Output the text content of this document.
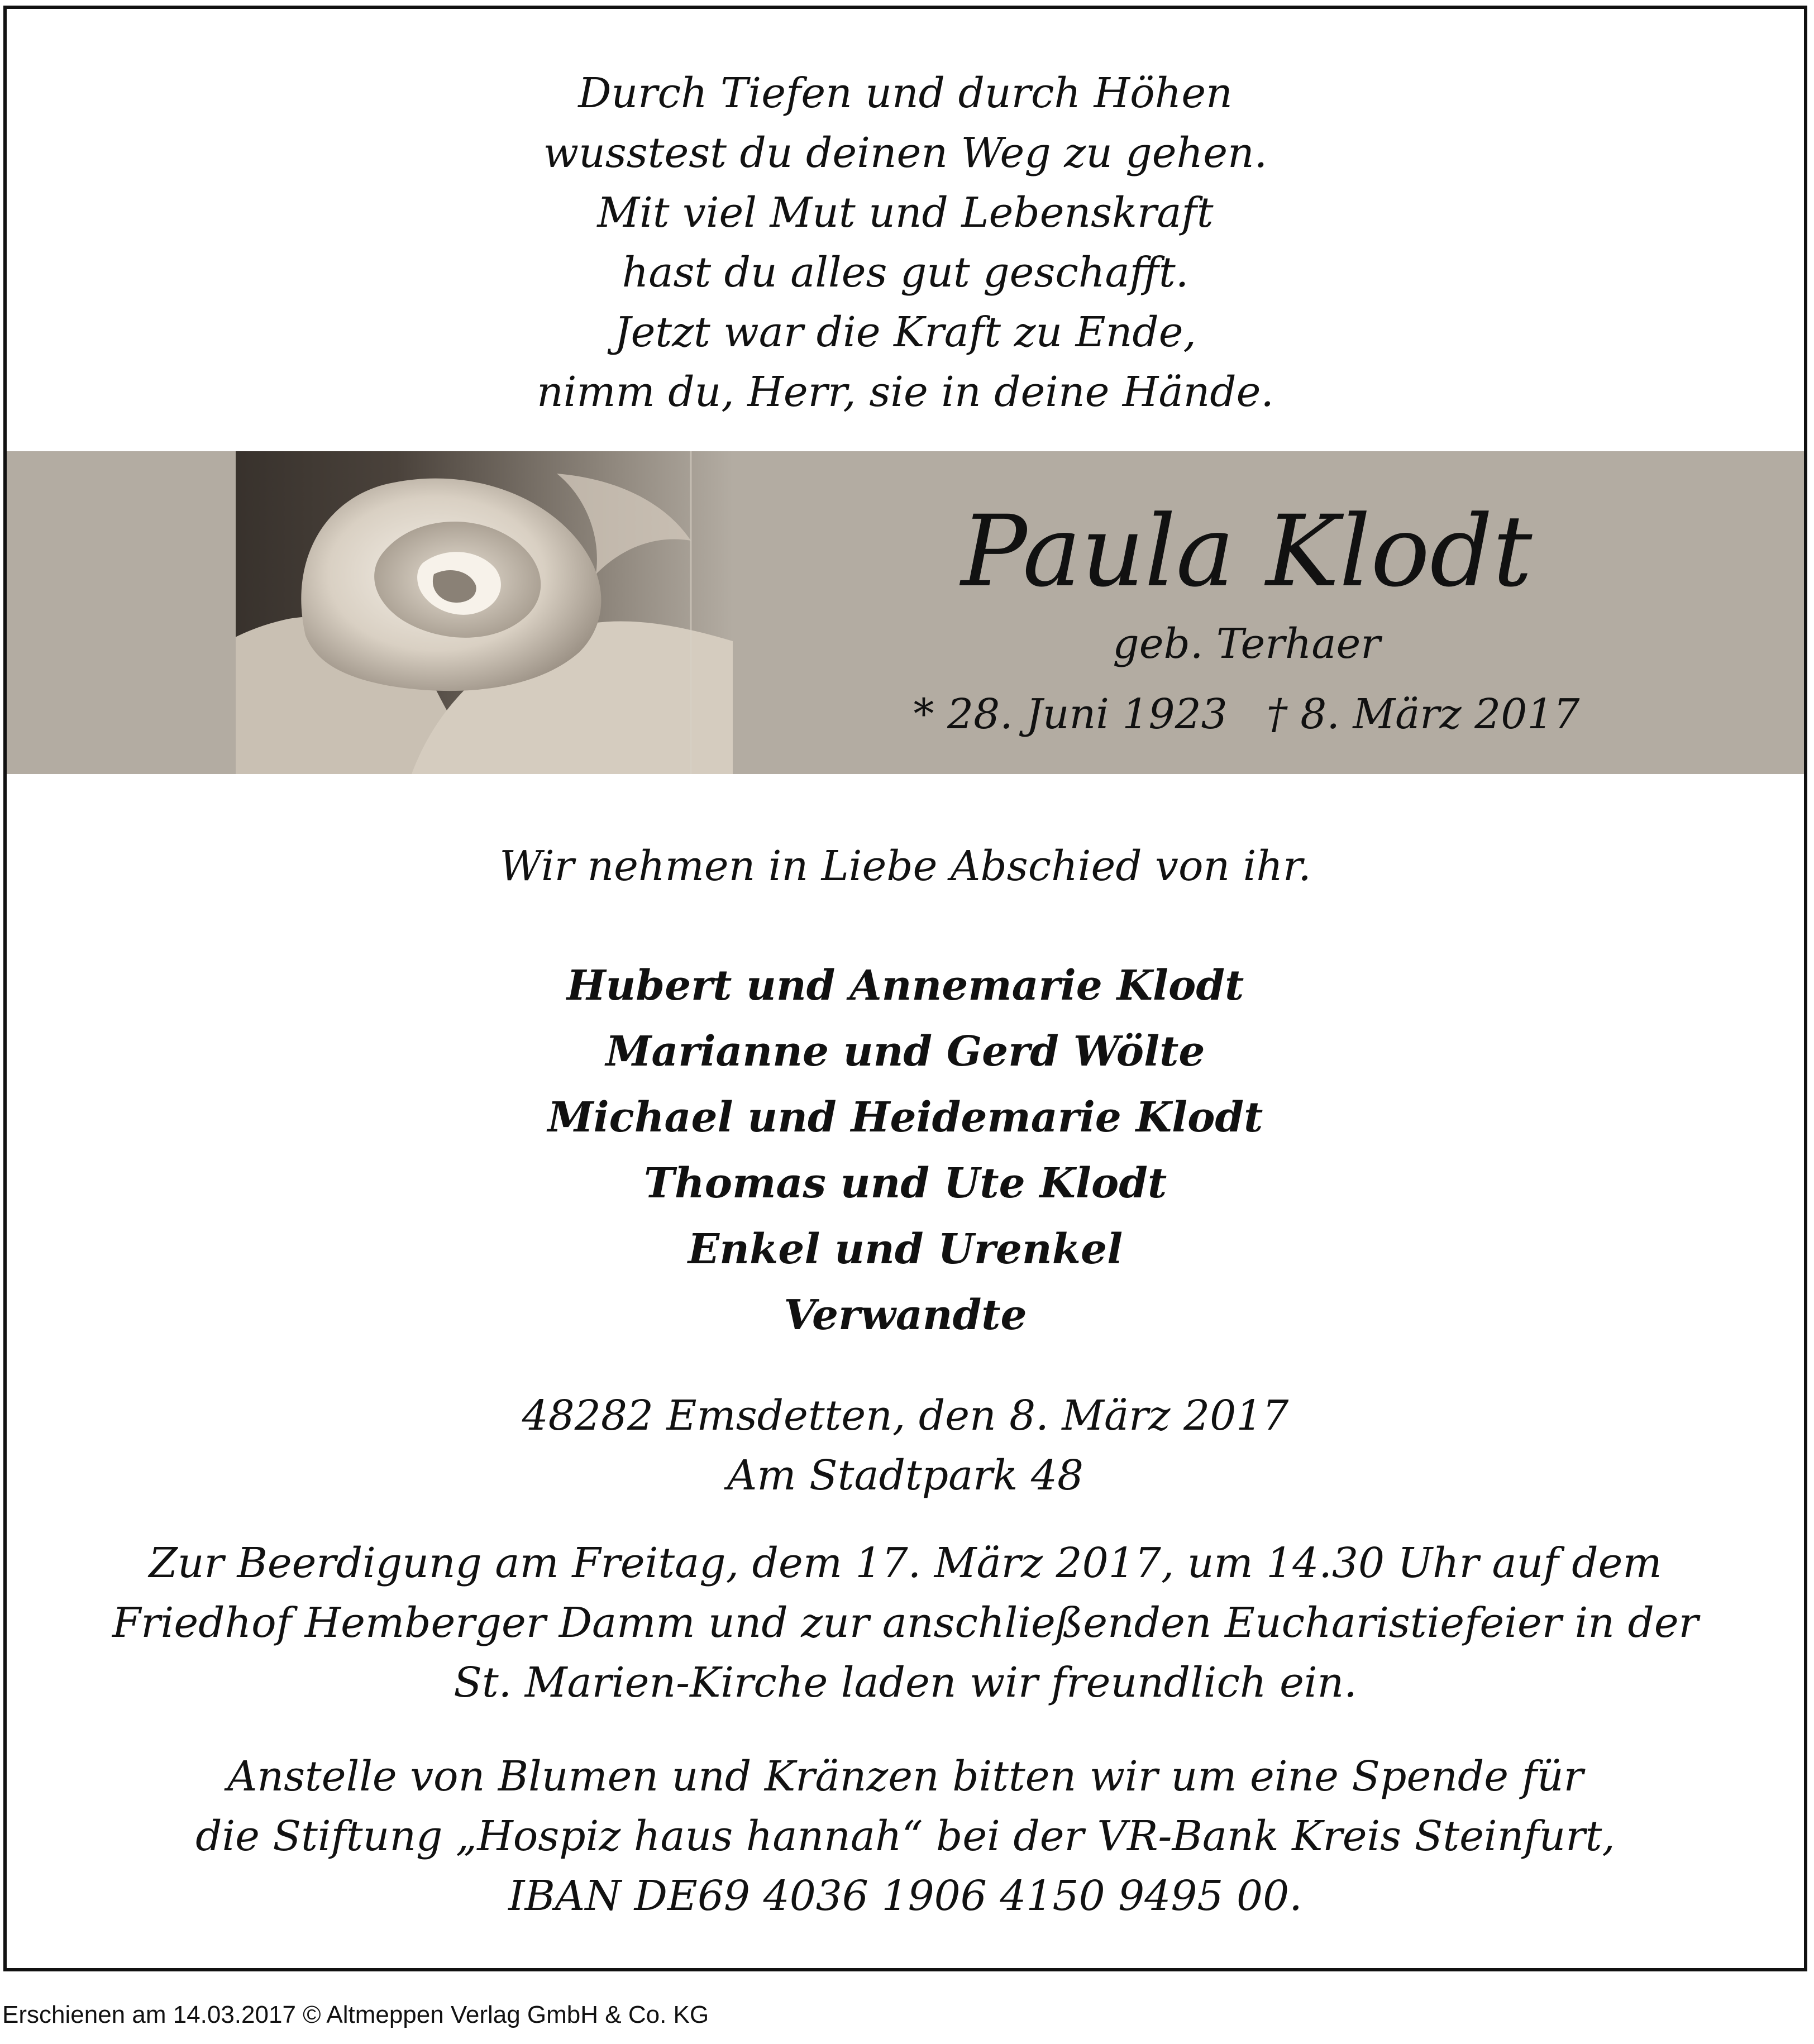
Durch Tiefen und durch Höhen
wusstest du deinen Weg zu gehen.
Mit viel Mut und Lebenskraft
hast du alles gut geschafft.
Jetzt war die Kraft zu Ende,
nimm du, Herr, sie in deine Hände.
Paula Klodt
geb. Terhaer
* 28. Juni 1923 † 8. März 2017
Wir nehmen in Liebe Abschied von ihr.
Hubert und Annemarie Klodt
Marianne und Gerd Wölte
Michael und Heidemarie Klodt
Thomas und Ute Klodt
Enkel und Urenkel
Verwandte
48282 Emsdetten, den 8. März 2017
Am Stadtpark 48
Zur Beerdigung am Freitag, dem 17. März 2017, um 14.30 Uhr auf dem
Friedhof Hemberger Damm und zur anschließenden Eucharistiefeier in der
St. Marien-Kirche laden wir freundlich ein.
Anstelle von Blumen und Kränzen bitten wir um eine Spende für
die Stiftung „Hospiz haus hannah“ bei der VR-Bank Kreis Steinfurt,
IBAN DE69 4036 1906 4150 9495 00.
Erschienen am 14.03.2017 © Altmeppen Verlag GmbH & Co. KG
